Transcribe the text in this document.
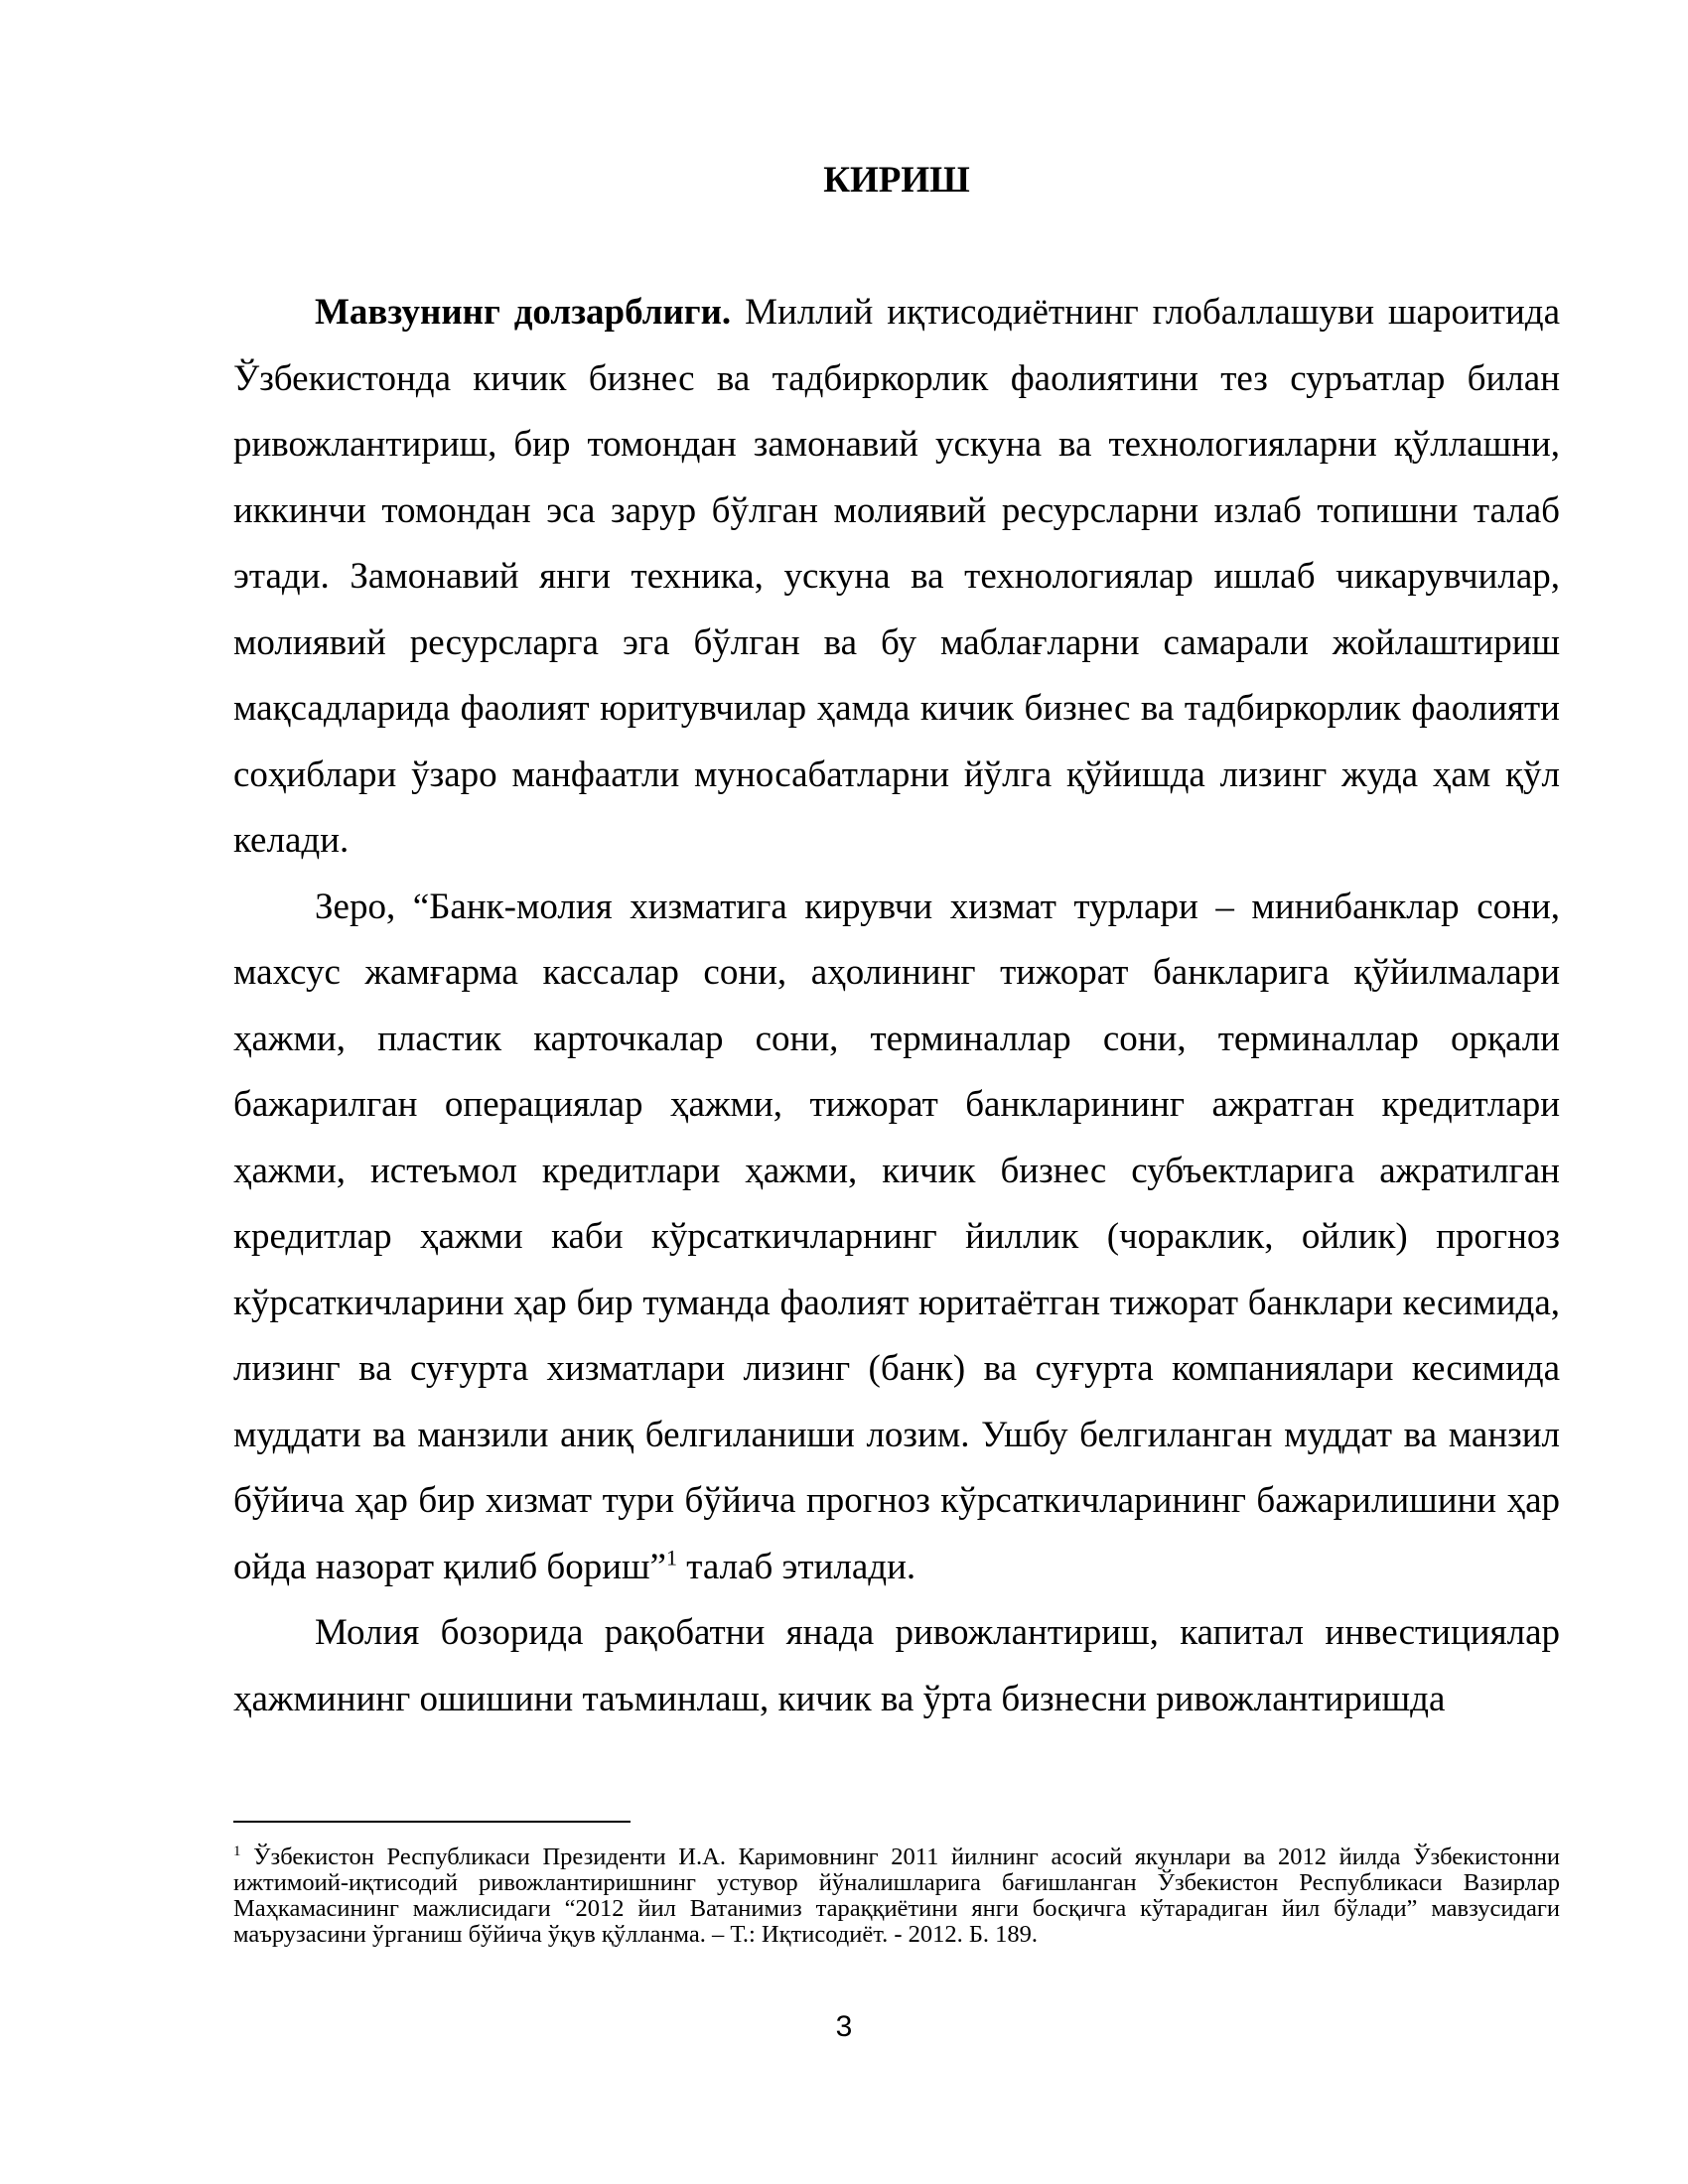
КИРИШ

Мавзунинг долзарблиги. Миллий иқтисодиётнинг глобаллашуви шароитида Ўзбекистонда кичик бизнес ва тадбиркорлик фаолиятини тез суръатлар билан ривожлантириш, бир томондан замонавий ускуна ва технологияларни қўллашни, иккинчи томондан эса зарур бўлган молиявий ресурсларни излаб топишни талаб этади. Замонавий янги техника, ускуна ва технологиялар ишлаб чикарувчилар, молиявий ресурсларга эга бўлган ва бу маблағларни самарали жойлаштириш мақсадларида фаолият юритувчилар ҳамда кичик бизнес ва тадбиркорлик фаолияти соҳиблари ўзаро манфаатли муносабатларни йўлга қўйишда лизинг жуда ҳам қўл келади.

Зеро, “Банк-молия хизматига кирувчи хизмат турлари – минибанклар сони, махсус жамғарма кассалар сони, аҳолининг тижорат банкларига қўйилмалари ҳажми, пластик карточкалар сони, терминаллар сони, терминаллар орқали бажарилган операциялар ҳажми, тижорат банкларининг ажратган кредитлари ҳажми, истеъмол кредитлари ҳажми, кичик бизнес субъектларига ажратилган кредитлар ҳажми каби кўрсаткичларнинг йиллик (чораклик, ойлик) прогноз кўрсаткичларини ҳар бир туманда фаолият юритаётган тижорат банклари кесимида, лизинг ва суғурта хизматлари лизинг (банк) ва суғурта компаниялари кесимида муддати ва манзили аниқ белгиланиши лозим. Ушбу белгиланган муддат ва манзил бўйича ҳар бир хизмат тури бўйича прогноз кўрсаткичларининг бажарилишини ҳар ойда назорат қилиб бориш”$^1$ талаб этилади.

Молия бозорида рақобатни янада ривожлантириш, капитал инвестициялар ҳажмининг ошишини таъминлаш, кичик ва ўрта бизнесни ривожлантиришда

$^1$ Ўзбекистон Республикаси Президенти И.А. Каримовнинг 2011 йилнинг асосий якунлари ва 2012 йилда Ўзбекистонни ижтимоий-иқтисодий ривожлантиришнинг устувор йўналишларига бағишланган Ўзбекистон Республикаси Вазирлар Маҳкамасининг мажлисидаги “2012 йил Ватанимиз тараққиётини янги босқичга кўтарадиган йил бўлади” мавзусидаги маърузасини ўрганиш бўйича ўқув қўлланма. – Т.: Иқтисодиёт. - 2012. Б. 189.

3
